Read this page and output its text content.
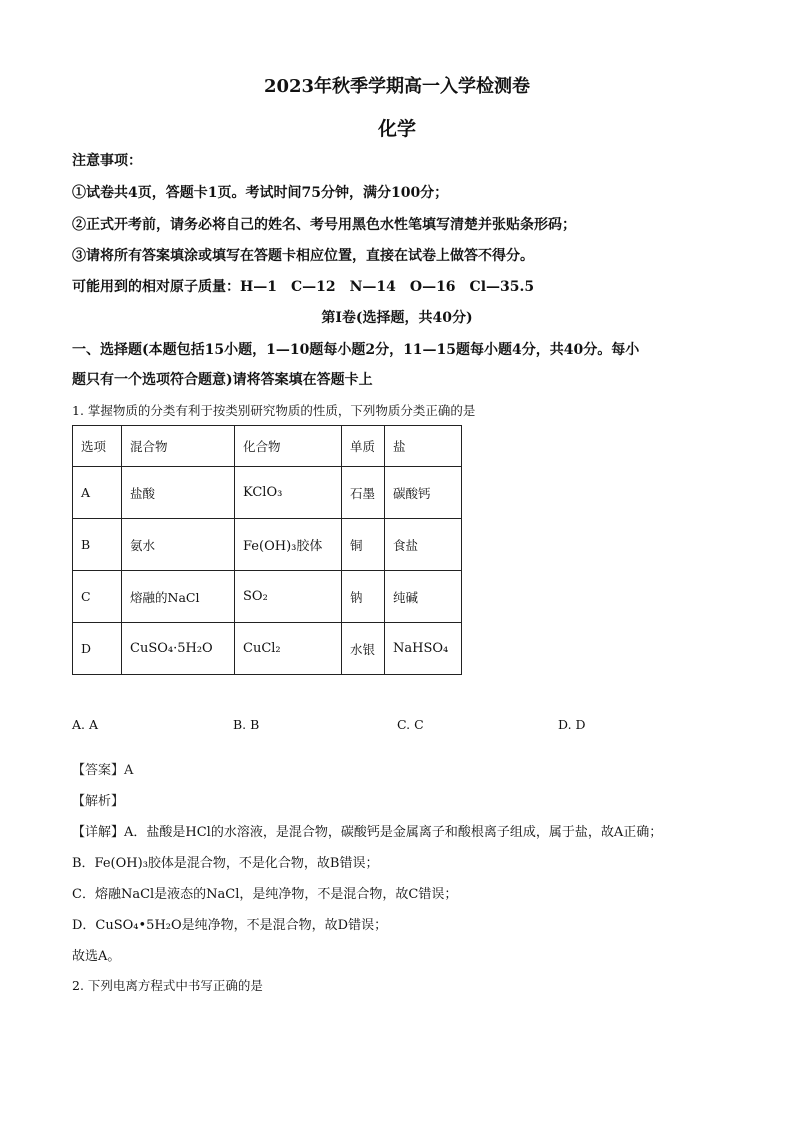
2023年秋季学期高一入学检测卷
化学
注意事项：
①试卷共4页，答题卡1页。考试时间75分钟，满分100分；
②正式开考前，请务必将自己的姓名、考号用黑色水性笔填写清楚并张贴条形码；
③请将所有答案填涂或填写在答题卡相应位置，直接在试卷上做答不得分。
可能用到的相对原子质量：H—1　C—12　N—14　O—16　Cl—35.5
第Ⅰ卷(选择题，共40分)
一、选择题(本题包括15小题，1—10题每小题2分，11—15题每小题4分，共40分。每小
题只有一个选项符合题意)请将答案填在答题卡上
1. 掌握物质的分类有利于按类别研究物质的性质，下列物质分类正确的是
选项	混合物	化合物	单质	盐
A	盐酸	KClO₃	石墨	碳酸钙
B	氨水	Fe(OH)₃胶体	铜	食盐
C	熔融的NaCl	SO₂	钠	纯碱
D	CuSO₄·5H₂O	CuCl₂	水银	NaHSO₄
A. A	B. B	C. C	D. D
【答案】A
【解析】
【详解】A．盐酸是HCl的水溶液，是混合物，碳酸钙是金属离子和酸根离子组成，属于盐，故A正确；
B．Fe(OH)₃胶体是混合物，不是化合物，故B错误；
C．熔融NaCl是液态的NaCl，是纯净物，不是混合物，故C错误；
D．CuSO₄•5H₂O是纯净物，不是混合物，故D错误；
故选A。
2. 下列电离方程式中书写正确的是
